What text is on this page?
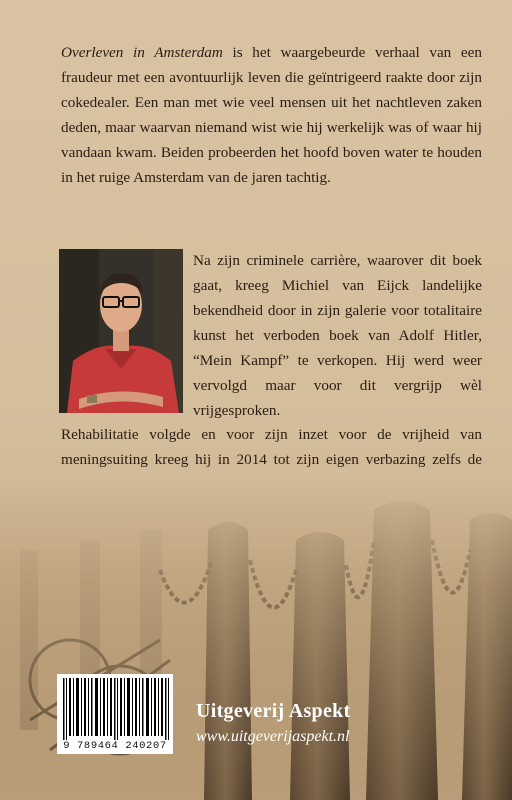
Overleven in Amsterdam is het waargebeurde verhaal van een fraudeur met een avontuurlijk leven die geïntrigeerd raakte door zijn cokedealer. Een man met wie veel mensen uit het nachtleven zaken deden, maar waarvan niemand wist wie hij werkelijk was of waar hij vandaan kwam. Beiden probeerden het hoofd boven water te houden in het ruige Amsterdam van de jaren tachtig.
Na zijn criminele carrière, waarover dit boek gaat, kreeg Michiel van Eijck landelijke bekendheid door in zijn galerie voor totalitaire kunst het verboden boek van Adolf Hitler, “Mein Kampf” te verkopen. Hij werd weer vervolgd maar voor dit vergrijp wèl vrijgesproken.
Rehabilitatie volgde en voor zijn inzet voor de vrijheid van meningsuiting kreeg hij in 2014 tot zijn eigen verbazing zelfs de
9 789464 240207
Uitgeverij Aspekt
www.uitgeverijaspekt.nl
